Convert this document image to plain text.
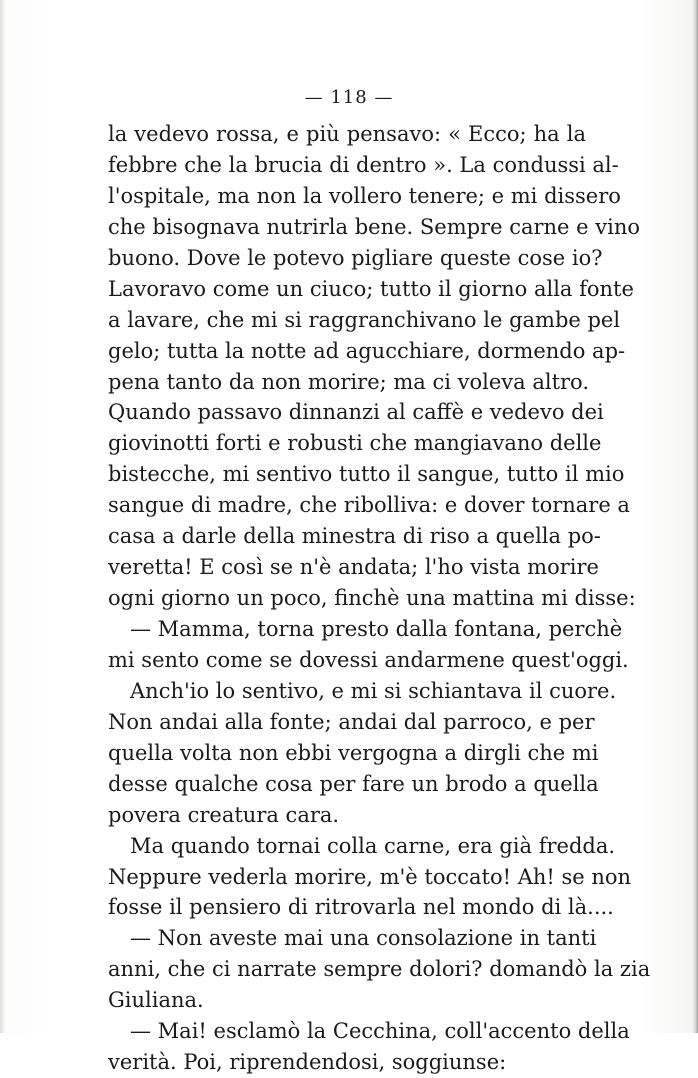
— 118 —
la vedevo rossa, e più pensavo: « Ecco; ha la
febbre che la brucia di dentro ». La condussi al-
l'ospitale, ma non la vollero tenere; e mi dissero
che bisognava nutrirla bene. Sempre carne e vino
buono. Dove le potevo pigliare queste cose io?
Lavoravo come un ciuco; tutto il giorno alla fonte
a lavare, che mi si raggranchivano le gambe pel
gelo; tutta la notte ad agucchiare, dormendo ap-
pena tanto da non morire; ma ci voleva altro.
Quando passavo dinnanzi al caffè e vedevo dei
giovinotti forti e robusti che mangiavano delle
bistecche, mi sentivo tutto il sangue, tutto il mio
sangue di madre, che ribolliva: e dover tornare a
casa a darle della minestra di riso a quella po-
veretta! E così se n'è andata; l'ho vista morire
ogni giorno un poco, finchè una mattina mi disse:
— Mamma, torna presto dalla fontana, perchè
mi sento come se dovessi andarmene quest'oggi.
Anch'io lo sentivo, e mi si schiantava il cuore.
Non andai alla fonte; andai dal parroco, e per
quella volta non ebbi vergogna a dirgli che mi
desse qualche cosa per fare un brodo a quella
povera creatura cara.
Ma quando tornai colla carne, era già fredda.
Neppure vederla morire, m'è toccato! Ah! se non
fosse il pensiero di ritrovarla nel mondo di là....
— Non aveste mai una consolazione in tanti
anni, che ci narrate sempre dolori? domandò la zia
Giuliana.
— Mai! esclamò la Cecchina, coll'accento della
verità. Poi, riprendendosi, soggiunse:
